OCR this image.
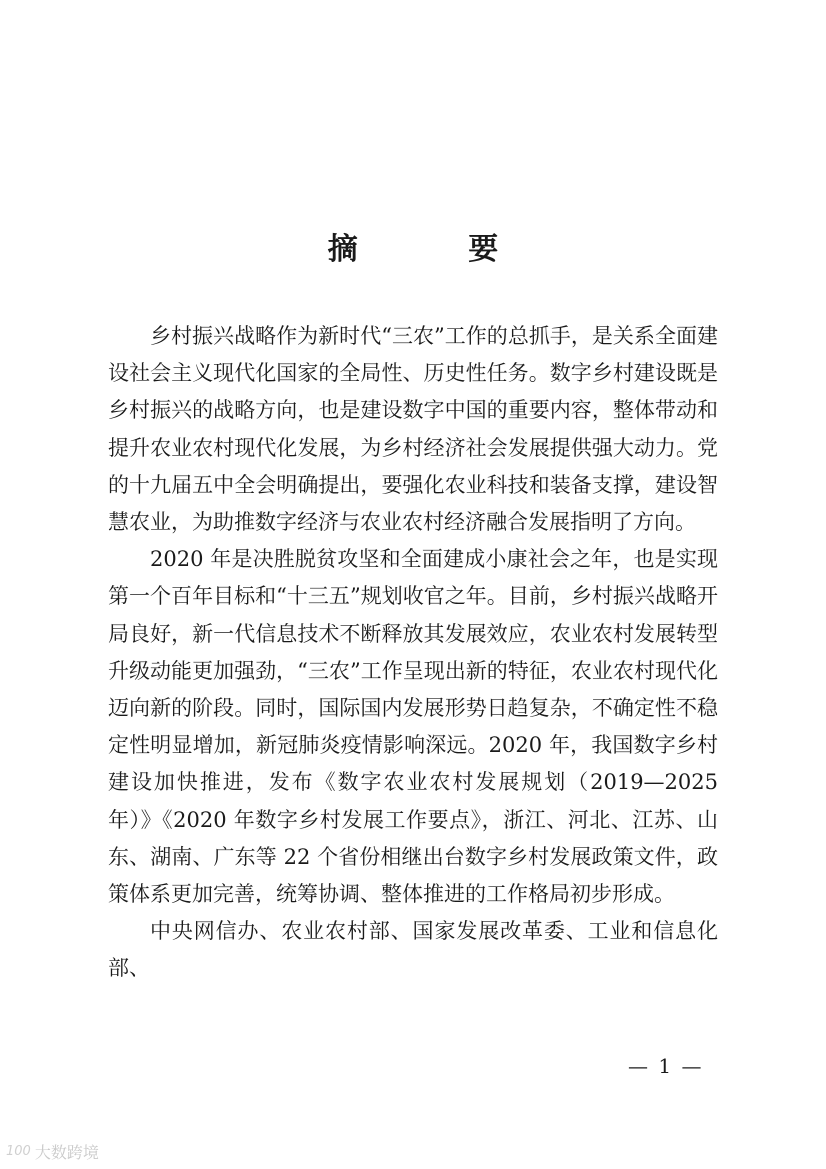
摘 要

乡村振兴战略作为新时代“三农”工作的总抓手，是关系全面建设社会主义现代化国家的全局性、历史性任务。数字乡村建设既是乡村振兴的战略方向，也是建设数字中国的重要内容，整体带动和提升农业农村现代化发展，为乡村经济社会发展提供强大动力。党的十九届五中全会明确提出，要强化农业科技和装备支撑，建设智慧农业，为助推数字经济与农业农村经济融合发展指明了方向。

2020 年是决胜脱贫攻坚和全面建成小康社会之年，也是实现第一个百年目标和“十三五”规划收官之年。目前，乡村振兴战略开局良好，新一代信息技术不断释放其发展效应，农业农村发展转型升级动能更加强劲，“三农”工作呈现出新的特征，农业农村现代化迈向新的阶段。同时，国际国内发展形势日趋复杂，不确定性不稳定性明显增加，新冠肺炎疫情影响深远。2020 年，我国数字乡村建设加快推进，发布《数字农业农村发展规划（2019—2025 年）》《2020 年数字乡村发展工作要点》，浙江、河北、江苏、山东、湖南、广东等 22 个省份相继出台数字乡村发展政策文件，政策体系更加完善，统筹协调、整体推进的工作格局初步形成。

中央网信办、农业农村部、国家发展改革委、工业和信息化部、

— 1 —
100 大数跨境
